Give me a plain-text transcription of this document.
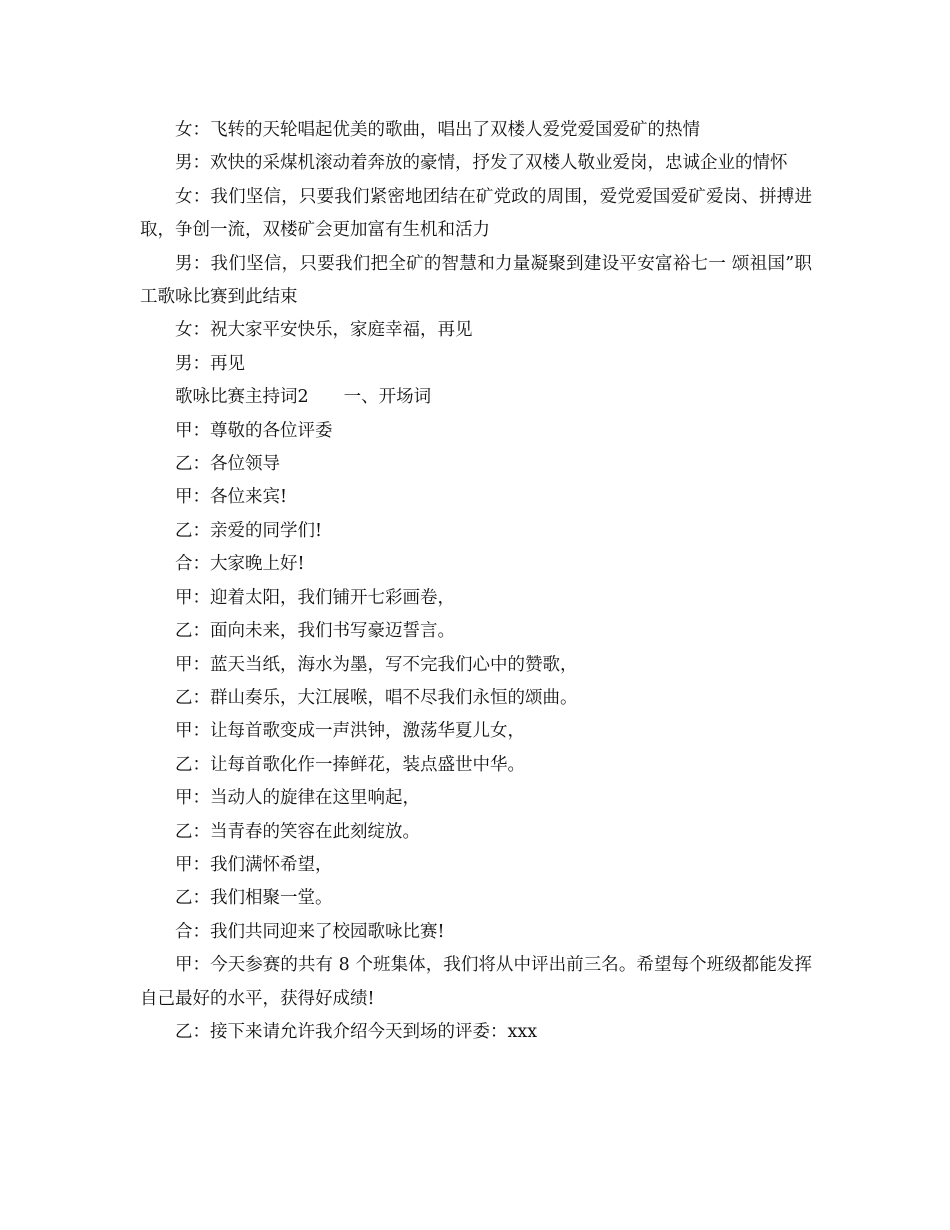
女：飞转的天轮唱起优美的歌曲，唱出了双楼人爱党爱国爱矿的热情

男：欢快的采煤机滚动着奔放的豪情，抒发了双楼人敬业爱岗，忠诚企业的情怀

女：我们坚信，只要我们紧密地团结在矿党政的周围，爱党爱国爱矿爱岗、拼搏进取，争创一流，双楼矿会更加富有生机和活力

男：我们坚信，只要我们把全矿的智慧和力量凝聚到建设平安富裕七一 颂祖国”职工歌咏比赛到此结束

女：祝大家平安快乐，家庭幸福，再见

男：再见

歌咏比赛主持词2　　一、开场词

甲：尊敬的各位评委

乙：各位领导

甲：各位来宾!

乙：亲爱的同学们!

合：大家晚上好!

甲：迎着太阳，我们铺开七彩画卷，

乙：面向未来，我们书写豪迈誓言。

甲：蓝天当纸，海水为墨，写不完我们心中的赞歌，

乙：群山奏乐，大江展喉，唱不尽我们永恒的颂曲。

甲：让每首歌变成一声洪钟，激荡华夏儿女，

乙：让每首歌化作一捧鲜花，装点盛世中华。

甲：当动人的旋律在这里响起，

乙：当青春的笑容在此刻绽放。

甲：我们满怀希望，

乙：我们相聚一堂。

合：我们共同迎来了校园歌咏比赛!

甲：今天参赛的共有 8 个班集体，我们将从中评出前三名。希望每个班级都能发挥自己最好的水平，获得好成绩!

乙：接下来请允许我介绍今天到场的评委：xxx
